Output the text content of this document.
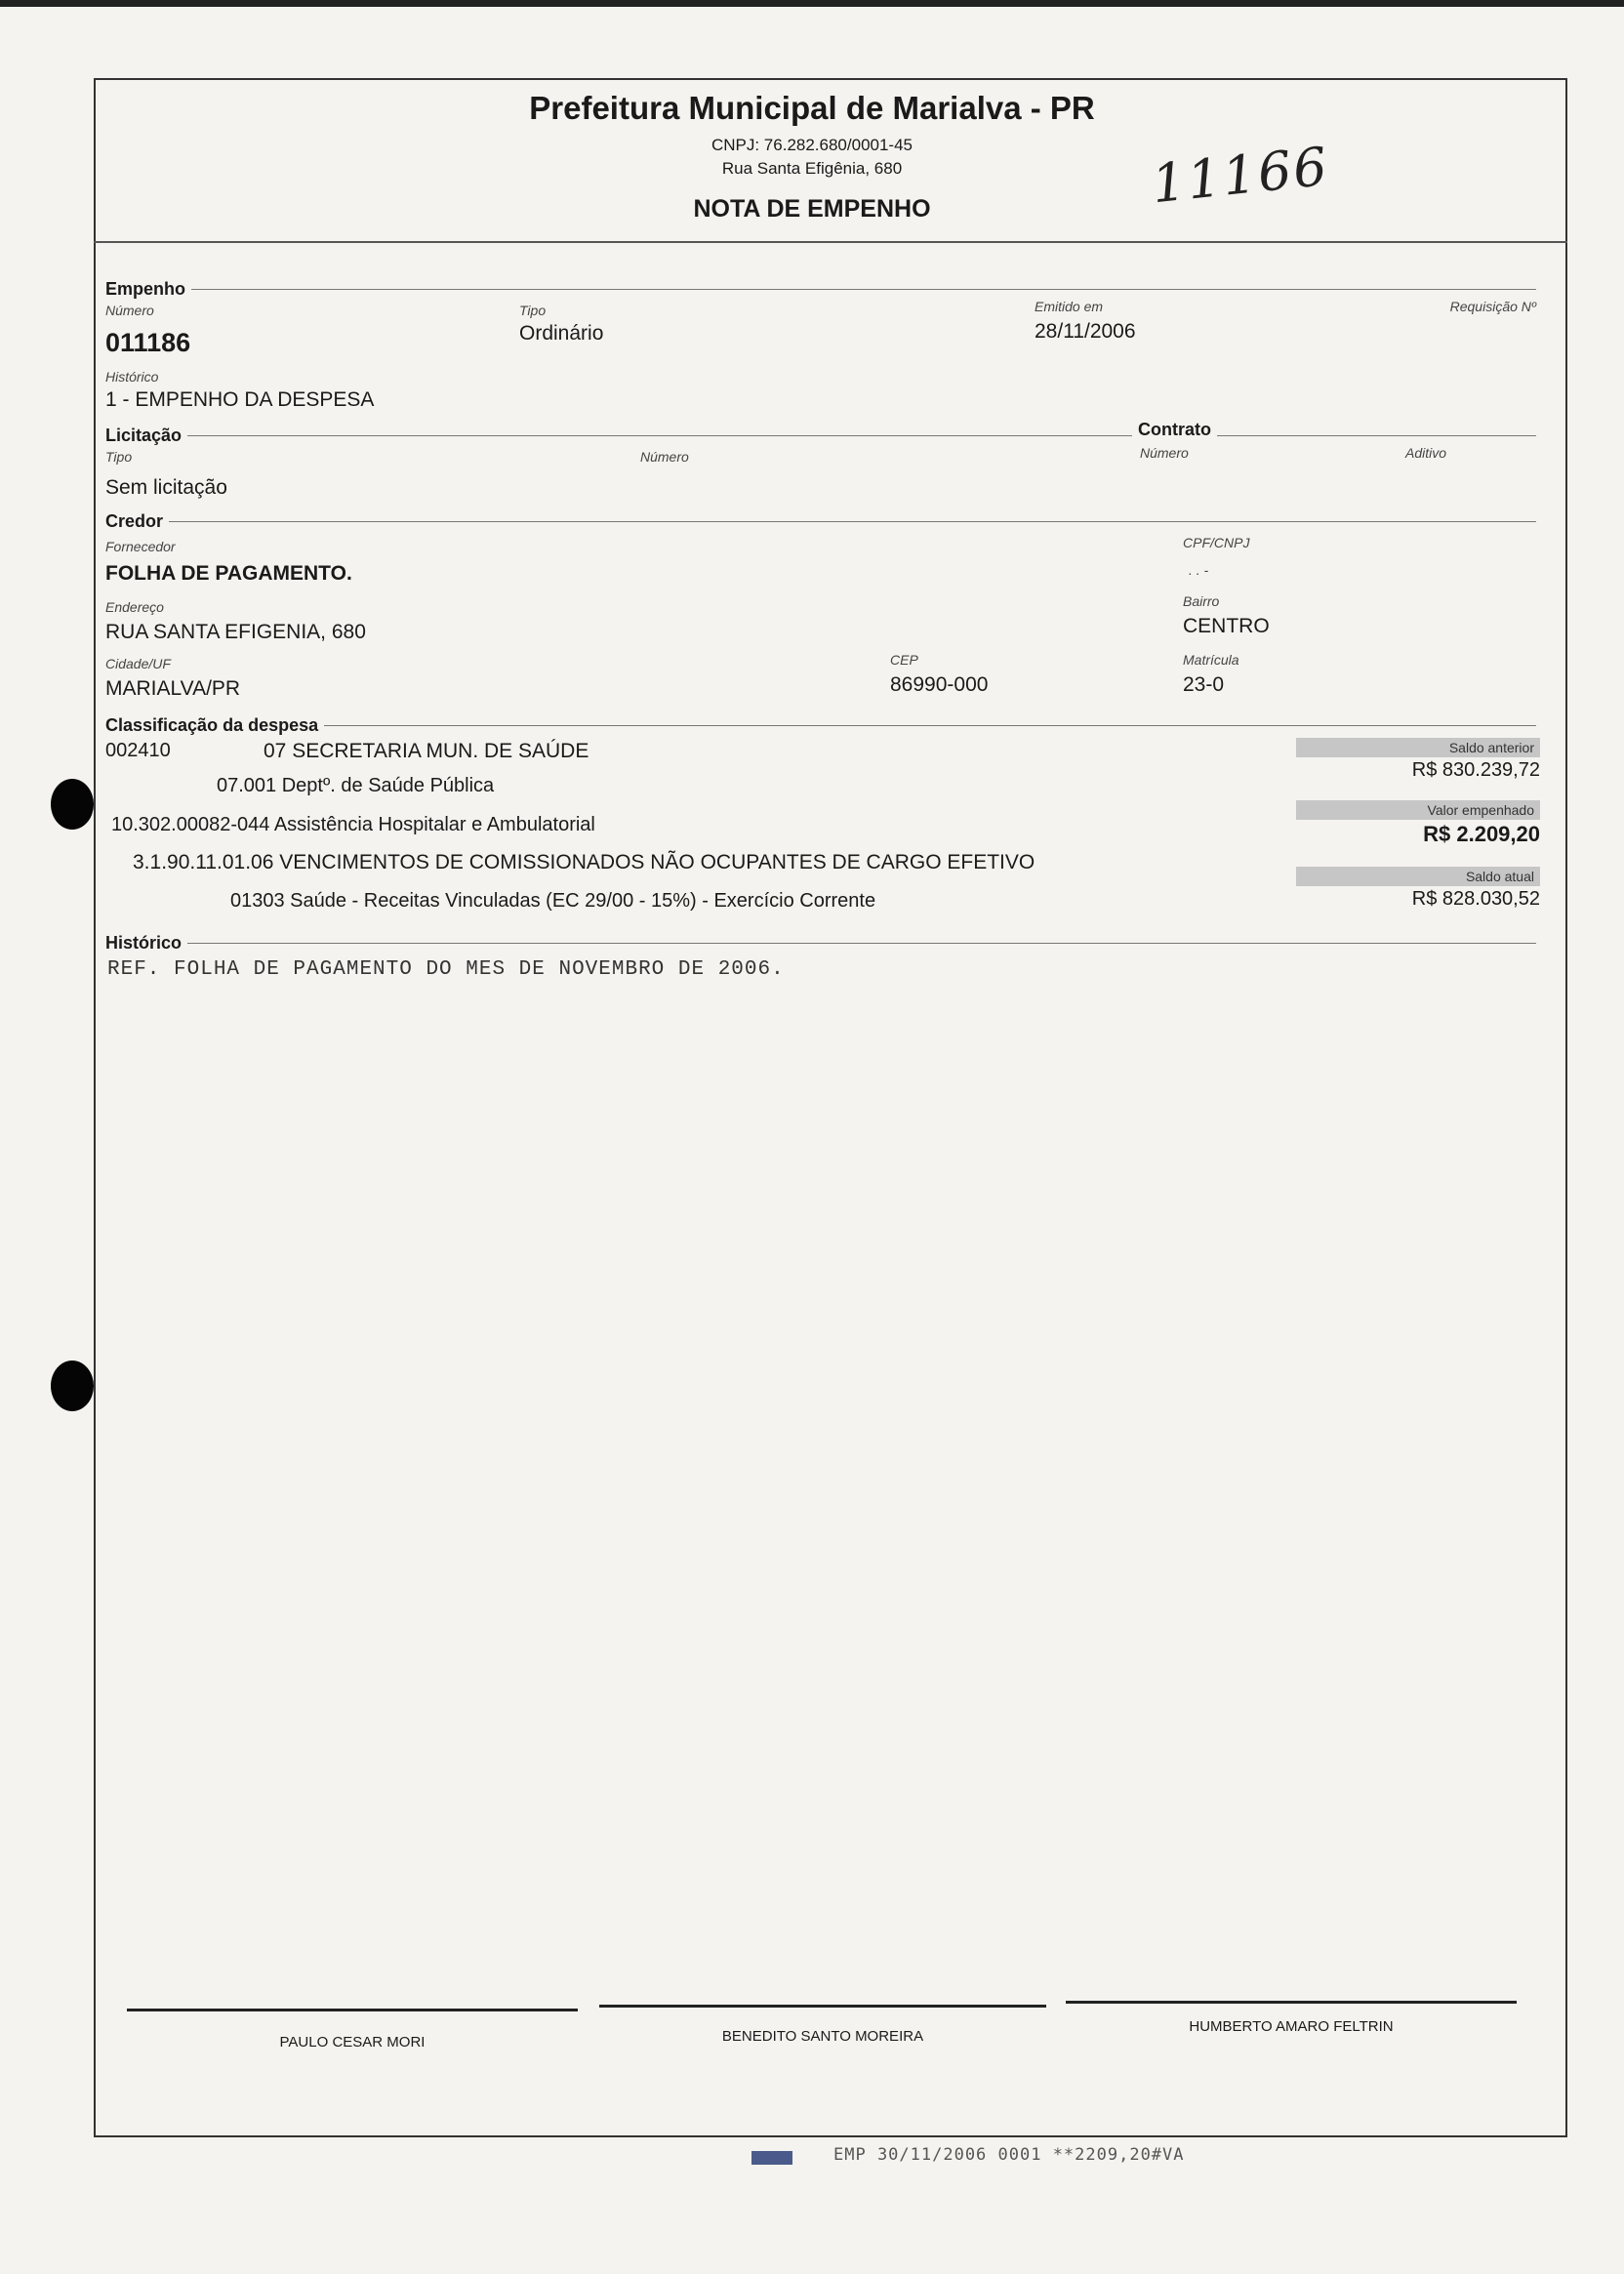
Prefeitura Municipal de Marialva - PR
CNPJ: 76.282.680/0001-45
Rua Santa Efigênia, 680
NOTA DE EMPENHO	11166
Empenho
Número
011186
Tipo
Ordinário
Emitido em
28/11/2006
Requisição Nº
Histórico
1 - EMPENHO DA DESPESA
Licitação	Contrato
Tipo
Sem licitação
Número	Número	Aditivo
Credor
Fornecedor
FOLHA DE PAGAMENTO.
CPF/CNPJ
. . -
Endereço
RUA SANTA EFIGENIA, 680
Bairro
CENTRO
Cidade/UF
MARIALVA/PR
CEP
86990-000
Matrícula
23-0
Classificação da despesa
002410	07 SECRETARIA MUN. DE SAÚDE
07.001 Deptº. de Saúde Pública
10.302.00082-044 Assistência Hospitalar e Ambulatorial
3.1.90.11.01.06 VENCIMENTOS DE COMISSIONADOS NÃO OCUPANTES DE CARGO EFETIVO
01303 Saúde - Receitas Vinculadas (EC 29/00 - 15%) - Exercício Corrente
Saldo anterior
R$ 830.239,72
Valor empenhado
R$ 2.209,20
Saldo atual
R$ 828.030,52
Histórico
REF. FOLHA DE PAGAMENTO DO MES DE NOVEMBRO DE 2006.
PAULO CESAR MORI	BENEDITO SANTO MOREIRA
HUMBERTO AMARO FELTRIN
EMP 30/11/2006 0001 **2209,20#VA
